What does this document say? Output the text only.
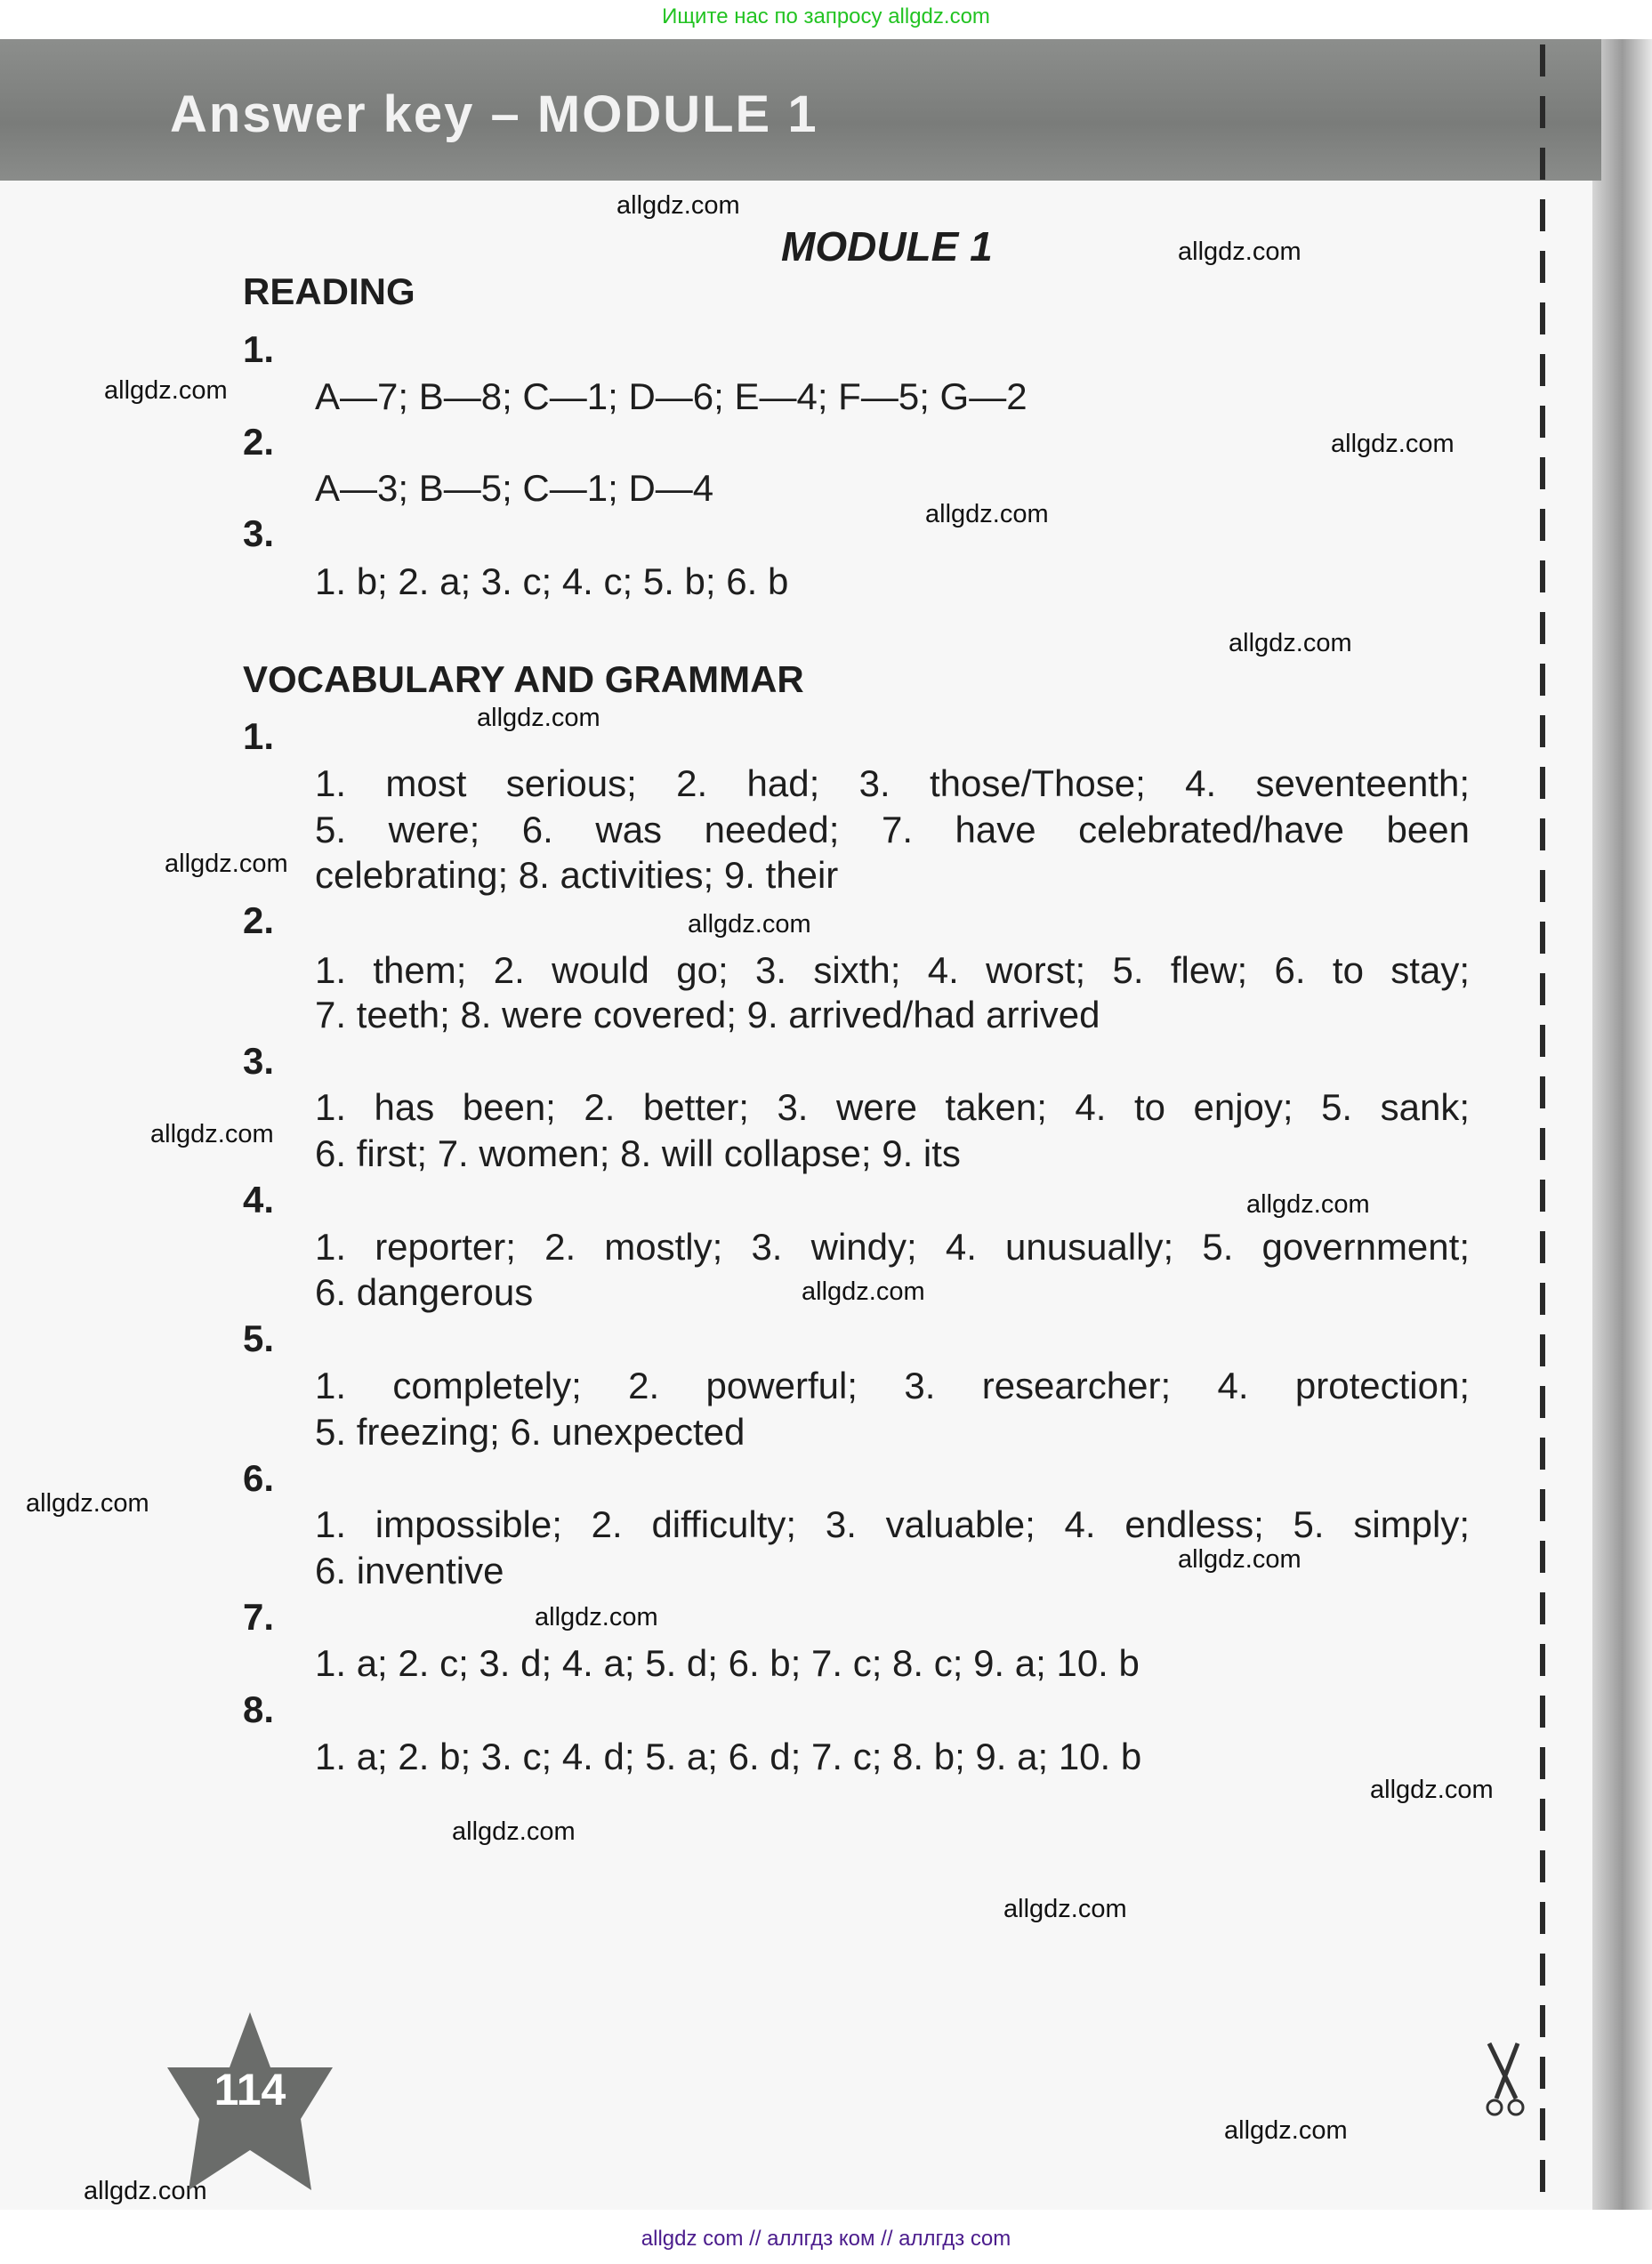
Ищите нас по запросу allgdz.com
Answer key – MODULE 1
MODULE 1
READING
1.
A—7; B—8; C—1; D—6; E—4; F—5; G—2
2.
A—3; B—5; C—1; D—4
3.
1. b; 2. a; 3. c; 4. c; 5. b; 6. b
VOCABULARY AND GRAMMAR
1.
1. most serious; 2. had; 3. those/Those; 4. seventeenth;
5. were; 6. was needed; 7. have celebrated/have been
celebrating; 8. activities; 9. their
2.
1. them; 2. would go; 3. sixth; 4. worst; 5. flew; 6. to stay;
7. teeth; 8. were covered; 9. arrived/had arrived
3.
1. has been; 2. better; 3. were taken; 4. to enjoy; 5. sank;
6. first; 7. women; 8. will collapse; 9. its
4.
1. reporter; 2. mostly; 3. windy; 4. unusually; 5. government;
6. dangerous
5.
1. completely; 2. powerful; 3. researcher; 4. protection;
5. freezing; 6. unexpected
6.
1. impossible; 2. difficulty; 3. valuable; 4. endless; 5. simply;
6. inventive
7.
1. a; 2. c; 3. d; 4. a; 5. d; 6. b; 7. c; 8. c; 9. a; 10. b
8.
1. a; 2. b; 3. c; 4. d; 5. a; 6. d; 7. c; 8. b; 9. a; 10. b
allgdz.com
allgdz.com
allgdz.com
allgdz.com
allgdz.com
allgdz.com
allgdz.com
allgdz.com
allgdz.com
allgdz.com
allgdz.com
allgdz.com
allgdz.com
allgdz.com
allgdz.com
allgdz.com
allgdz.com
allgdz.com
allgdz.com
allgdz.com
114
allgdz com // аллгдз ком // аллгдз com
